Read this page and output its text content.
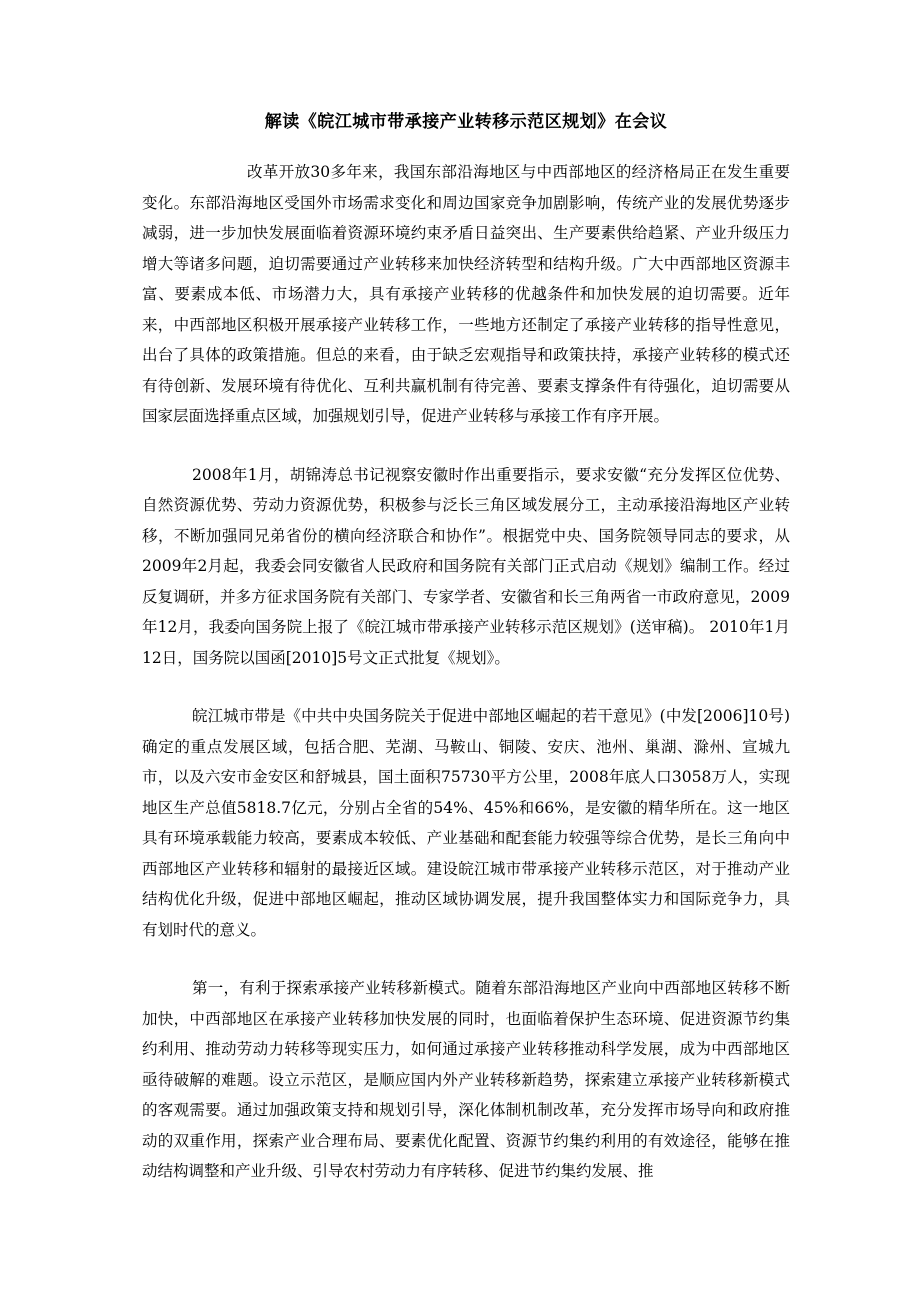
解读《皖江城市带承接产业转移示范区规划》在会议

改革开放30多年来，我国东部沿海地区与中西部地区的经济格局正在发生重要变化。东部沿海地区受国外市场需求变化和周边国家竞争加剧影响，传统产业的发展优势逐步减弱，进一步加快发展面临着资源环境约束矛盾日益突出、生产要素供给趋紧、产业升级压力增大等诸多问题，迫切需要通过产业转移来加快经济转型和结构升级。广大中西部地区资源丰富、要素成本低、市场潜力大，具有承接产业转移的优越条件和加快发展的迫切需要。近年来，中西部地区积极开展承接产业转移工作，一些地方还制定了承接产业转移的指导性意见，出台了具体的政策措施。但总的来看，由于缺乏宏观指导和政策扶持，承接产业转移的模式还有待创新、发展环境有待优化、互利共赢机制有待完善、要素支撑条件有待强化，迫切需要从国家层面选择重点区域，加强规划引导，促进产业转移与承接工作有序开展。

2008年1月，胡锦涛总书记视察安徽时作出重要指示，要求安徽“充分发挥区位优势、自然资源优势、劳动力资源优势，积极参与泛长三角区域发展分工，主动承接沿海地区产业转移，不断加强同兄弟省份的横向经济联合和协作”。根据党中央、国务院领导同志的要求，从2009年2月起，我委会同安徽省人民政府和国务院有关部门正式启动《规划》编制工作。经过反复调研，并多方征求国务院有关部门、专家学者、安徽省和长三角两省一市政府意见，2009年12月，我委向国务院上报了《皖江城市带承接产业转移示范区规划》(送审稿)。 2010年1月12日，国务院以国函[2010]5号文正式批复《规划》。

皖江城市带是《中共中央国务院关于促进中部地区崛起的若干意见》(中发[2006]10号)确定的重点发展区域，包括合肥、芜湖、马鞍山、铜陵、安庆、池州、巢湖、滁州、宣城九市，以及六安市金安区和舒城县，国土面积75730平方公里，2008年底人口3058万人，实现地区生产总值5818.7亿元，分别占全省的54%、45%和66%，是安徽的精华所在。这一地区具有环境承载能力较高，要素成本较低、产业基础和配套能力较强等综合优势，是长三角向中西部地区产业转移和辐射的最接近区域。建设皖江城市带承接产业转移示范区，对于推动产业结构优化升级，促进中部地区崛起，推动区域协调发展，提升我国整体实力和国际竞争力，具有划时代的意义。

第一，有利于探索承接产业转移新模式。随着东部沿海地区产业向中西部地区转移不断加快，中西部地区在承接产业转移加快发展的同时，也面临着保护生态环境、促进资源节约集约利用、推动劳动力转移等现实压力，如何通过承接产业转移推动科学发展，成为中西部地区亟待破解的难题。设立示范区，是顺应国内外产业转移新趋势，探索建立承接产业转移新模式的客观需要。通过加强政策支持和规划引导，深化体制机制改革，充分发挥市场导向和政府推动的双重作用，探索产业合理布局、要素优化配置、资源节约集约利用的有效途径，能够在推动结构调整和产业升级、引导农村劳动力有序转移、促进节约集约发展、推
